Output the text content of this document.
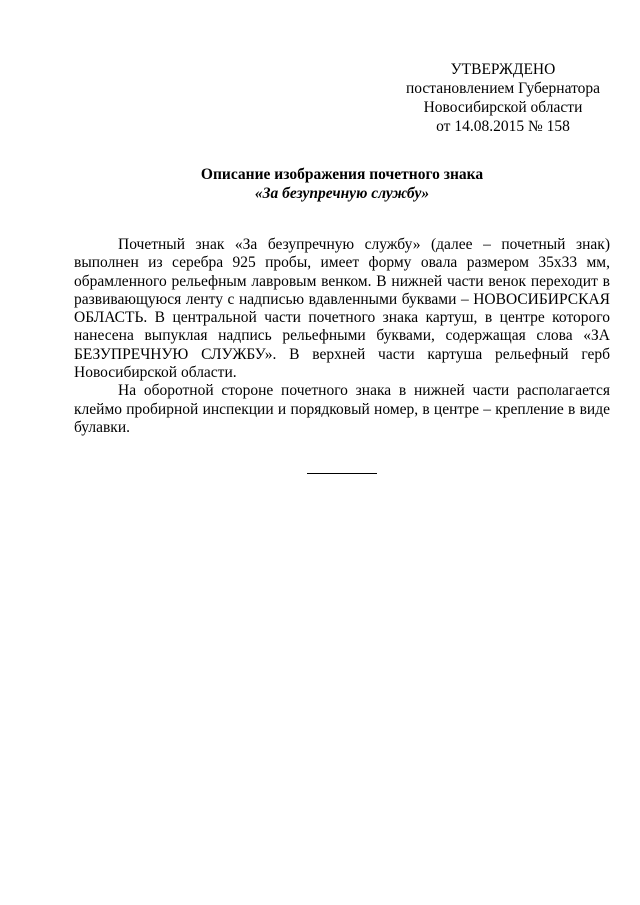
УТВЕРЖДЕНО
постановлением Губернатора
Новосибирской области
от 14.08.2015 № 158
Описание изображения почетного знака
«За безупречную службу»

Почетный знак «За безупречную службу» (далее – почетный знак) выполнен из серебра 925 пробы, имеет форму овала размером 35х33 мм, обрамленного рельефным лавровым венком. В нижней части венок переходит в развивающуюся ленту с надписью вдавленными буквами – НОВОСИБИРСКАЯ ОБЛАСТЬ. В центральной части почетного знака картуш, в центре которого нанесена выпуклая надпись рельефными буквами, содержащая слова «ЗА БЕЗУПРЕЧНУЮ СЛУЖБУ». В верхней части картуша рельефный герб Новосибирской области.

На оборотной стороне почетного знака в нижней части располагается клеймо пробирной инспекции и порядковый номер, в центре – крепление в виде булавки.
